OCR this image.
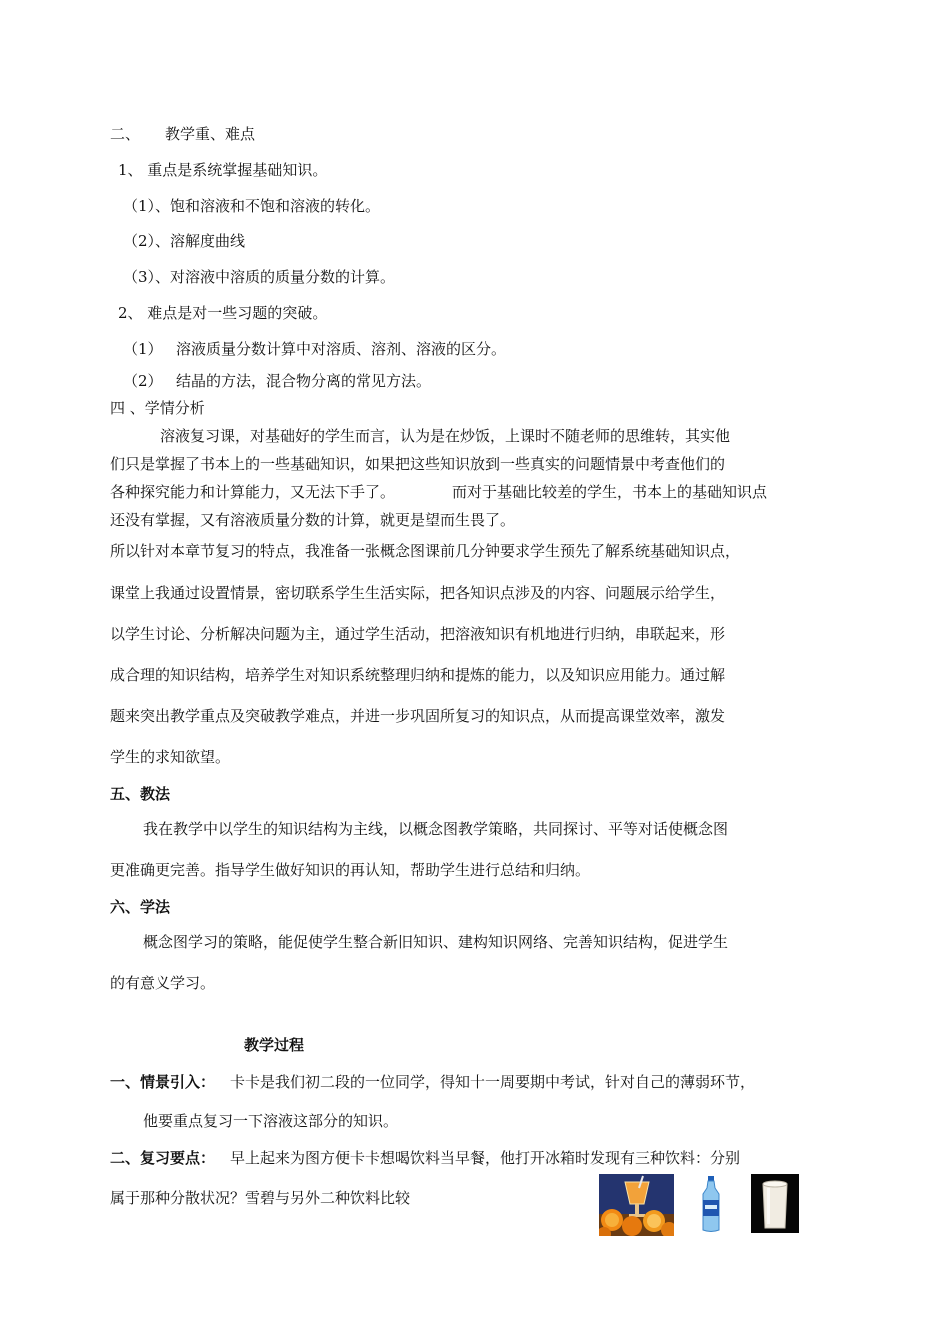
二、 教学重、难点
1、 重点是系统掌握基础知识。
（1）、饱和溶液和不饱和溶液的转化。
（2）、溶解度曲线
（3）、对溶液中溶质的质量分数的计算。
2、 难点是对一些习题的突破。
（1） 溶液质量分数计算中对溶质、溶剂、溶液的区分。
（2） 结晶的方法，混合物分离的常见方法。
四 、学情分析
溶液复习课，对基础好的学生而言，认为是在炒饭，上课时不随老师的思维转，其实他
们只是掌握了书本上的一些基础知识，如果把这些知识放到一些真实的问题情景中考查他们的
各种探究能力和计算能力，又无法下手了。	而对于基础比较差的学生，书本上的基础知识点
还没有掌握，又有溶液质量分数的计算，就更是望而生畏了。
所以针对本章节复习的特点，我准备一张概念图课前几分钟要求学生预先了解系统基础知识点，
课堂上我通过设置情景，密切联系学生生活实际，把各知识点涉及的内容、问题展示给学生，
以学生讨论、分析解决问题为主，通过学生活动，把溶液知识有机地进行归纳，串联起来，形
成合理的知识结构，培养学生对知识系统整理归纳和提炼的能力，以及知识应用能力。通过解
题来突出教学重点及突破教学难点，并进一步巩固所复习的知识点，从而提高课堂效率，激发
学生的求知欲望。
五、教法
我在教学中以学生的知识结构为主线，以概念图教学策略，共同探讨、平等对话使概念图
更准确更完善。指导学生做好知识的再认知，帮助学生进行总结和归纳。
六、学法
概念图学习的策略，能促使学生整合新旧知识、建构知识网络、完善知识结构，促进学生
的有意义学习。
教学过程
一、情景引入： 卡卡是我们初二段的一位同学，得知十一周要期中考试，针对自己的薄弱环节，
他要重点复习一下溶液这部分的知识。
二、复习要点： 早上起来为图方便卡卡想喝饮料当早餐，他打开冰箱时发现有三种饮料：分别
属于那种分散状况？雪碧与另外二种饮料比较
